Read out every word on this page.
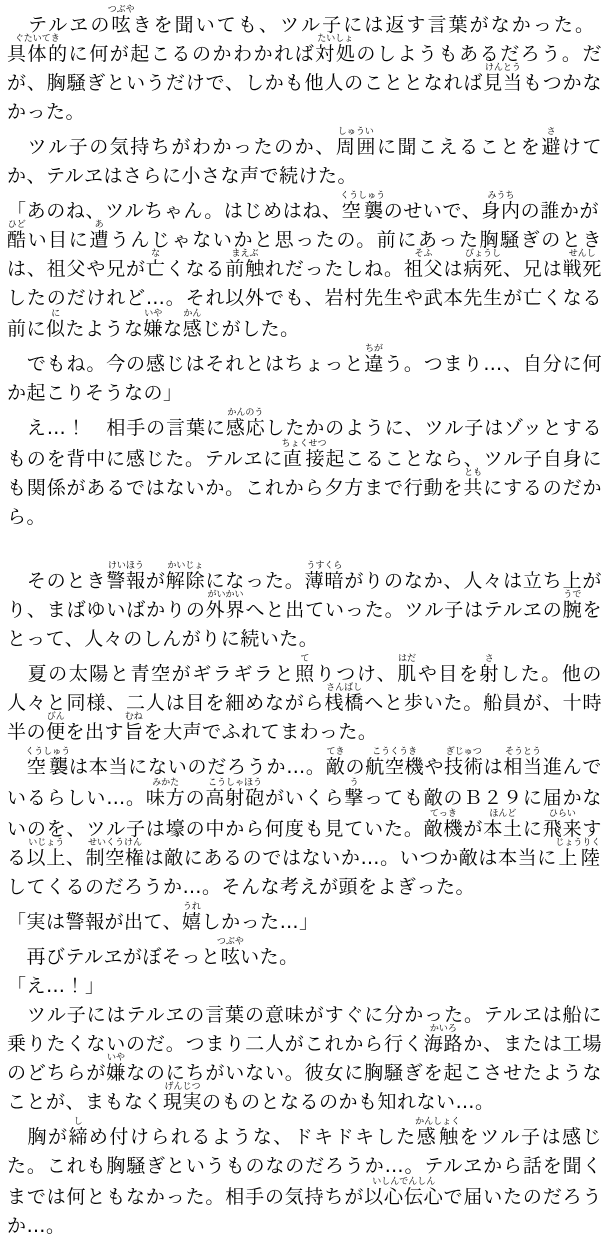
　テルヱの呟つぶやきを聞いても、ツル子には返す言葉がなかった。具体的ぐたいてきに何が起こるのかわかれば対処たいしょのしようもあるだろう。だが、胸騒ぎというだけで、しかも他人のこととなれば見当けんとうもつかなかった。

　ツル子の気持ちがわかったのか、周囲しゅういに聞こえることを避さけてか、テルヱはさらに小さな声で続けた。

「あのね、ツルちゃん。はじめはね、空襲くうしゅうのせいで、身内みうちの誰かが酷ひどい目に遭あうんじゃないかと思ったの。前にあった胸騒ぎのときは、祖父や兄が亡なくなる前触まえぶれだったしね。祖父そふは病死びょうし、兄は戦死せんししたのだけれど…。それ以外でも、岩村先生や武本先生が亡くなる前に似にたような嫌いやな感かんじがした。

　でもね。今の感じはそれとはちょっと違ちがう。つまり…、自分に何か起こりそうなの」

　え…！　相手の言葉に感応かんのうしたかのように、ツル子はゾッとするものを背中に感じた。テルヱに直接ちょくせつ起こることなら、ツル子自身にも関係があるではないか。これから夕方まで行動を共ともにするのだから。

　そのとき警報けいほうが解除かいじょになった。薄暗うすくらがりのなか、人々は立ち上がり、まばゆいばかりの外界がいかいへと出ていった。ツル子はテルヱの腕うでをとって、人々のしんがりに続いた。

　夏の太陽と青空がギラギラと照てりつけ、肌はだや目を射さした。他の人々と同様、二人は目を細めながら桟橋さんばしへと歩いた。船員が、十時半の便びんを出す旨むねを大声でふれてまわった。

　空襲くうしゅうは本当にないのだろうか…。敵てきの航空機こうくうきや技術ぎじゅつは相当そうとう進んでいるらしい…。味方みかたの高射砲こうしゃほうがいくら撃うっても敵のＢ２９に届かないのを、ツル子は壕の中から何度も見ていた。敵機てっきが本土ほんどに飛来ひらいする以上いじょう、制空権せいくうけんは敵にあるのではないか…。いつか敵は本当に上陸じょうりくしてくるのだろうか…。そんな考えが頭をよぎった。

「実は警報が出て、嬉うれしかった…」

　再びテルヱがぼそっと呟つぶやいた。

「え…！」

　ツル子にはテルヱの言葉の意味がすぐに分かった。テルヱは船に乗りたくないのだ。つまり二人がこれから行く海路かいろか、または工場のどちらが嫌いやなのにちがいない。彼女に胸騒ぎを起こさせたようなことが、まもなく現実げんじつのものとなるのかも知れない…。

　胸が締しめ付けられるような、ドキドキした感触かんしょくをツル子は感じた。これも胸騒ぎというものなのだろうか…。テルヱから話を聞くまでは何ともなかった。相手の気持ちが以心伝心いしんでんしんで届いたのだろうか…。
